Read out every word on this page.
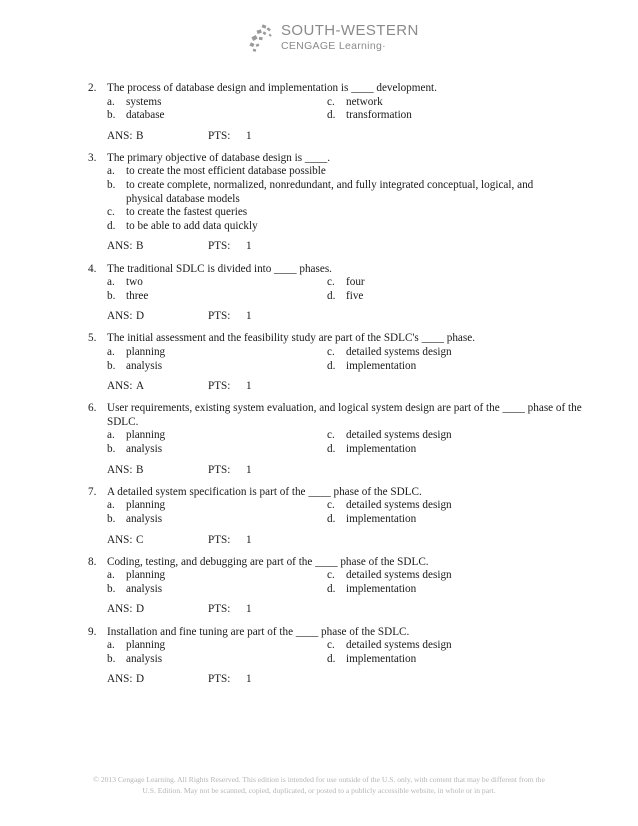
SOUTH-WESTERN
CENGAGE Learning·
2. The process of database design and implementation is ____ development.
a.	systems	c.	network
b. database	d. transformation
ANS: B	PTS:	1
3. The primary objective of database design is ____.
a.	to create the most efficient database possible
b. to create complete, normalized, nonredundant, and fully integrated conceptual, logical, and physical database models
c.	to create the fastest queries
d. to be able to add data quickly
ANS: B	PTS:	1
4. The traditional SDLC is divided into ____ phases.
a.	two	c.	four
b. three	d. five
ANS: D	PTS:	1
5. The initial assessment and the feasibility study are part of the SDLC's ____ phase.
a.	planning	c.	detailed systems design
b. analysis	d. implementation
ANS: A	PTS:	1
6. User requirements, existing system evaluation, and logical system design are part of the ____ phase of the SDLC.
a.	planning	c.	detailed systems design
b. analysis	d. implementation
ANS: B	PTS:	1
7. A detailed system specification is part of the ____ phase of the SDLC.
a.	planning	c.	detailed systems design
b. analysis	d. implementation
ANS: C	PTS:	1
8. Coding, testing, and debugging are part of the ____ phase of the SDLC.
a.	planning	c.	detailed systems design
b. analysis	d. implementation
ANS: D	PTS:	1
9. Installation and fine tuning are part of the ____ phase of the SDLC.
a.	planning	c.	detailed systems design
b. analysis	d. implementation
ANS: D	PTS:	1
© 2013 Cengage Learning. All Rights Reserved. This edition is intended for use outside of the U.S. only, with content that may be different from the
U.S. Edition. May not be scanned, copied, duplicated, or posted to a publicly accessible website, in whole or in part.
